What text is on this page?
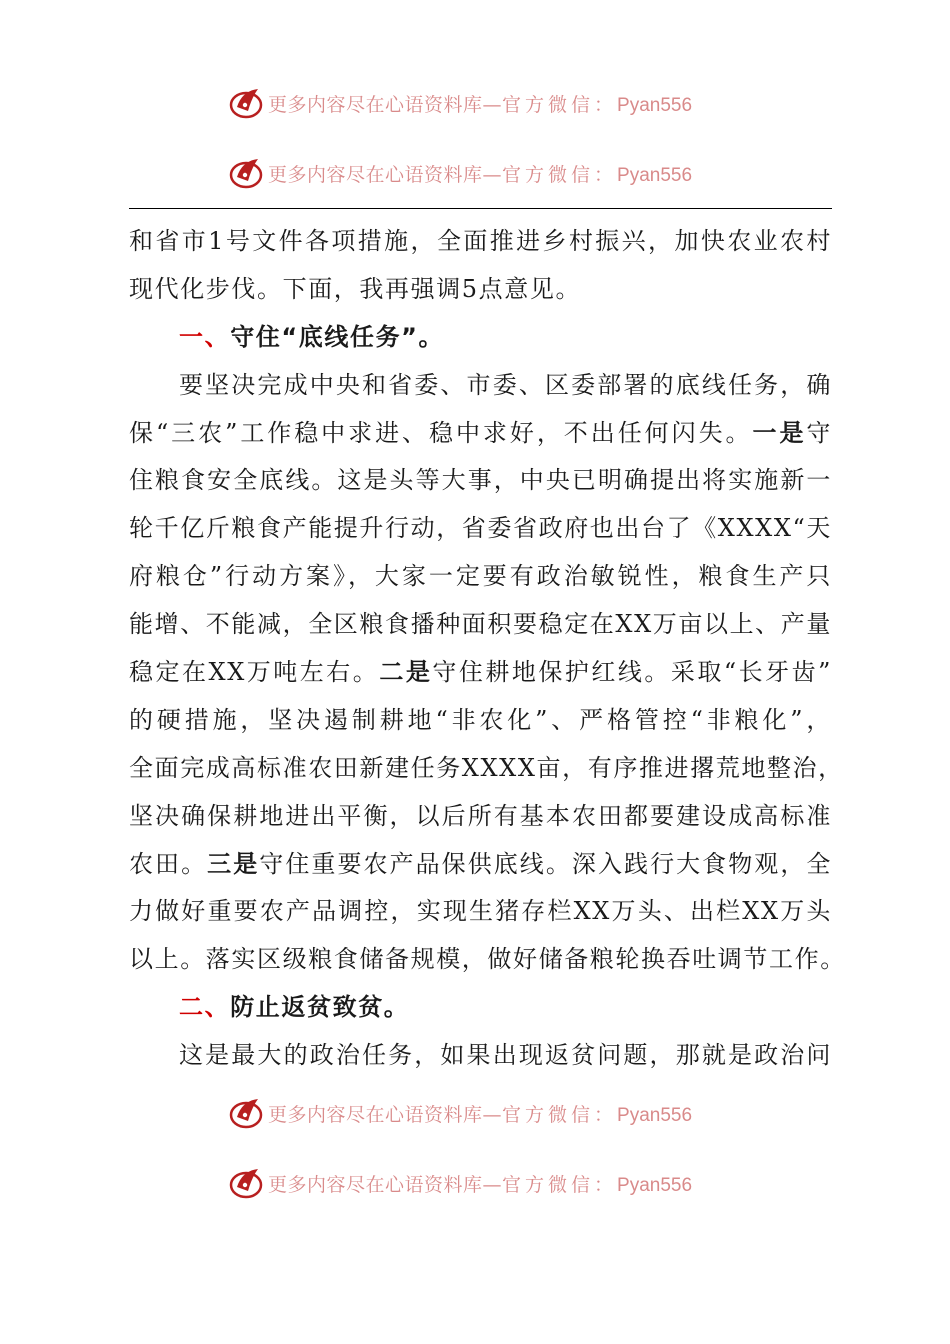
更多内容尽在心语资料库—官方微信：Pyan556
更多内容尽在心语资料库—官方微信：Pyan556
和省市1号文件各项措施，全面推进乡村振兴，加快农业农村
现代化步伐。下面，我再强调5点意见。
一、守住“底线任务”。
要坚决完成中央和省委、市委、区委部署的底线任务，确
保“三农”工作稳中求进、稳中求好，不出任何闪失。一是守
住粮食安全底线。这是头等大事，中央已明确提出将实施新一
轮千亿斤粮食产能提升行动，省委省政府也出台了《XXXX“天
府粮仓”行动方案》，大家一定要有政治敏锐性，粮食生产只
能增、不能减，全区粮食播种面积要稳定在XX万亩以上、产量
稳定在XX万吨左右。二是守住耕地保护红线。采取“长牙齿”
的硬措施，坚决遏制耕地“非农化”、严格管控“非粮化”，
全面完成高标准农田新建任务XXXX亩，有序推进撂荒地整治，
坚决确保耕地进出平衡，以后所有基本农田都要建设成高标准
农田。三是守住重要农产品保供底线。深入践行大食物观，全
力做好重要农产品调控，实现生猪存栏XX万头、出栏XX万头
以上。落实区级粮食储备规模，做好储备粮轮换吞吐调节工作。
二、防止返贫致贫。
这是最大的政治任务，如果出现返贫问题，那就是政治问
更多内容尽在心语资料库—官方微信：Pyan556
更多内容尽在心语资料库—官方微信：Pyan556
